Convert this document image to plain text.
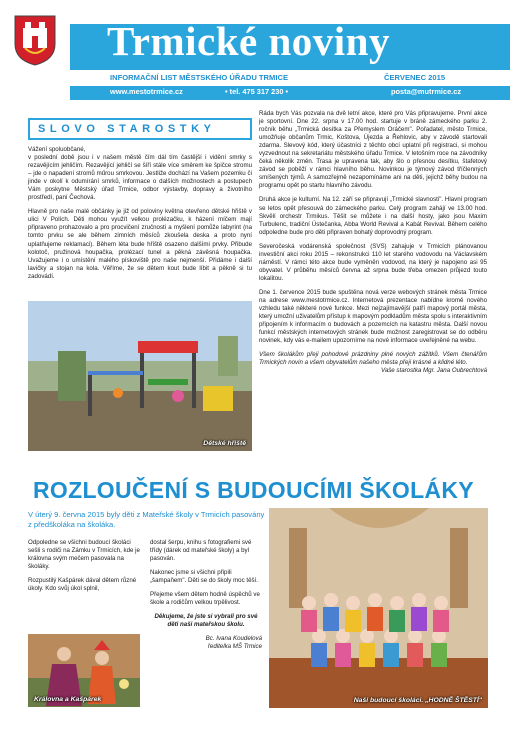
Trmické noviny
INFORMAČNÍ LIST MĚSTSKÉHO ÚŘADU TRMICE	ČERVENEC 2015
www.mestotrmice.cz	• tel. 475 317 230 •	posta@mutrmice.cz
SLOVO STAROSTKY

Vážení spoluobčané,
v poslední době jsou i v našem městě čím dál tím častější i vidění smrky s rezavějícím jehličím. Rezavějící jehličí se šíří stále více směrem ke špičce stromu – jde o napadení stromů műrou smrkovou. Jestliže dochází na Vašem pozemku či jinde v okolí k odumírání smrků, informace o dalších možnostech a postupech Vám poskytne Městský úřad Trmice, odbor výstavby, dopravy a životního prostředí, paní Čechová.

Hlavně pro naše malé občánky je již od poloviny května otevřeno dětské hřiště v ulici V Polích. Děti mohou využít velkou prolézačku, k házení míčem mají připraveno prohazovalo a pro procvičení zručnosti a myšlení pomůže labyrint (na tomto prvku se ale během zimních měsíců zkoušela deska a proto nyní uplatňujeme reklamaci). Během léta bude hřiště osazeno dalšími prvky. Přibude kolotoč, pružinová houpačka, prolézací tunel a pěkná závěsná houpačka. Uvažujeme i o umístění malého pískoviště pro naše nejmenší. Přidáme i další lavičky a stojan na kola. Věříme, že se dětem kout bude líbit a pěkně si tu zadovádí.

Dětské hřiště

Ráda bych Vás pozvala na dvě letní akce, které pro Vás připravujeme. První akce je sportovní. Dne 22. srpna v 17.00 hod. startuje v bráně zámeckého parku 2. ročník běhu „Trmická desítka za Přemyslem Oráčem". Pořadatel, město Trmice, umožňuje občanům Trmic, Koštova, Újezda a Řehlovic, aby v závodě startovali zdarma. Slevový kód, který účastníci z těchto obcí uplatní při registraci, si mohou vyzvednout na sekretariátu městského úřadu Trmice. V letošním roce na závodníky čeká několik změn. Trasa je upravena tak, aby šlo o přesnou desítku, štafetový závod se poběží v rámci hlavního běhu. Novinkou je týmový závod tříčlenných smíšených týmů. A samozřejmě nezapomínáme ani na děti, jejichž běhy budou na programu opět po startu hlavního závodu.

Druhá akce je kulturní. Na 12. září se připravují „Trmické slavnosti". Hlavní program se letos opět přesouvá do zámeckého parku. Celý program zahájí ve 13.00 hod. Skvělí orchestr Trmikus. Těšit se můžete i na další hosty, jako jsou Maxim Turbulenc, tradiční Ústečanka, Abba World Revival a Kabát Revival. Během celého odpoledne bude pro děti připraven bohatý doprovodný program.

Severočeská vodárenská společnost (SVS) zahajuje v Trmicích plánovanou investiční akci roku 2015 – rekonstrukci 110 let starého vodovodu na Václavském náměstí. V rámci této akce bude vyměněn vodovod, na který je napojeno asi 95 obyvatel. V průběhu měsíců června až srpna bude třeba omezen průjezd touto lokalitou.

Dne 1. července 2015 bude spuštěna nová verze webových stránek města Trmice na adrese www.mestotrmice.cz. Internetová prezentace nabídne kromě nového vzhledu také některé nové funkce. Mezi nejzajímavější patří mapový portál města, který umožní uživatelům přístup k mapovým podkladům města spolu s interaktivním připojením k informacím o budovách a pozemcích na katastru města. Další novou funkcí městských internetových stránek bude možnost zaregistrovat se do odběru novinek, kdy vás e-mailem upozorníme na nové informace uveřejněné na webu.

Všem školákům přeji pohodové prázdniny plné nových zážitků. Všem čtenářům Trmických novin a všem obyvatelům našeho města přeji krásné a klidné léto.

Vaše starostka Mgr. Jana Oubrechtová

ROZLOUČENÍ S BUDOUCÍMI ŠKOLÁKY
V úterý 9. června 2015 byly děti z Mateřské školy v Trmicích pasovány z předškoláka na školáka.

Odpoledne se všichni budoucí školáci sešli s rodiči na Zámku v Trmicích, kde je královna svým mečem pasovala na školáky.

Rozpustilý Kašpárek dával dětem různé úkoly. Kdo svůj úkol splnil,

dostal šerpu, knihu s fotografiemi své třídy (dárek od mateřské školy) a byl pasován.

Nakonec jsme si všichni připili „šampaňem". Děti se do školy moc těší.

Přejeme všem dětem hodně úspěchů ve škole a rodičům velkou trpělivost.

Děkujeme, že jste si vybrali pro své děti naši mateřskou školu.

Bc. Ivana Koudelová

ředitelka MŠ Trmice

Královna a Kašpárek	Naši budoucí školáci. „HODNĚ ŠTĚSTÍ"
